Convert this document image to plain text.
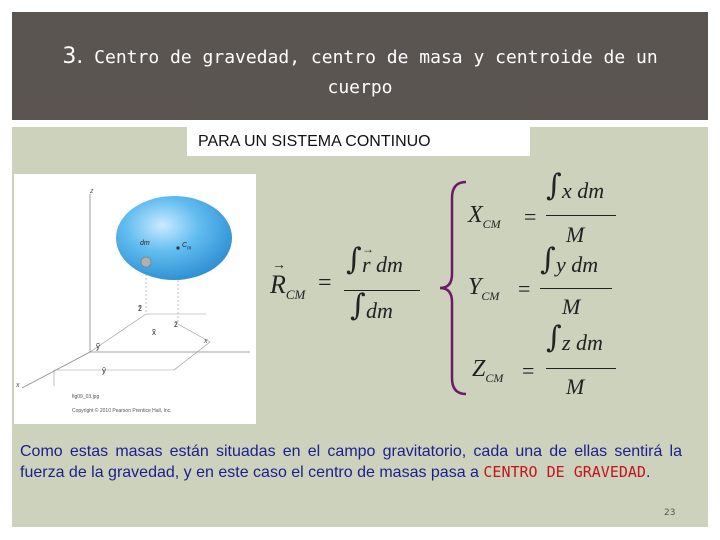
3. Centro de gravedad, centro de masa y centroide de un
cuerpo
PARA UN SISTEMA CONTINUO
z
dm	$C_m$
z̃
x̃
z̄
x
ỹ
ȳ
x
fig09_03.jpg
Copyright © 2010 Pearson Prentice Hall, Inc.
→
$R_{CM}$ =
∫ →
r dm
∫ dm
$X_{CM}$ =
∫ x dm
M
$Y_{CM}$ =
∫ y dm
M
$Z_{CM}$ =
∫ z dm
M
Como estas masas están situadas en el campo gravitatorio, cada una de ellas sentirá la fuerza de la gravedad, y en este caso el centro de masas pasa a CENTRO DE GRAVEDAD.
23
